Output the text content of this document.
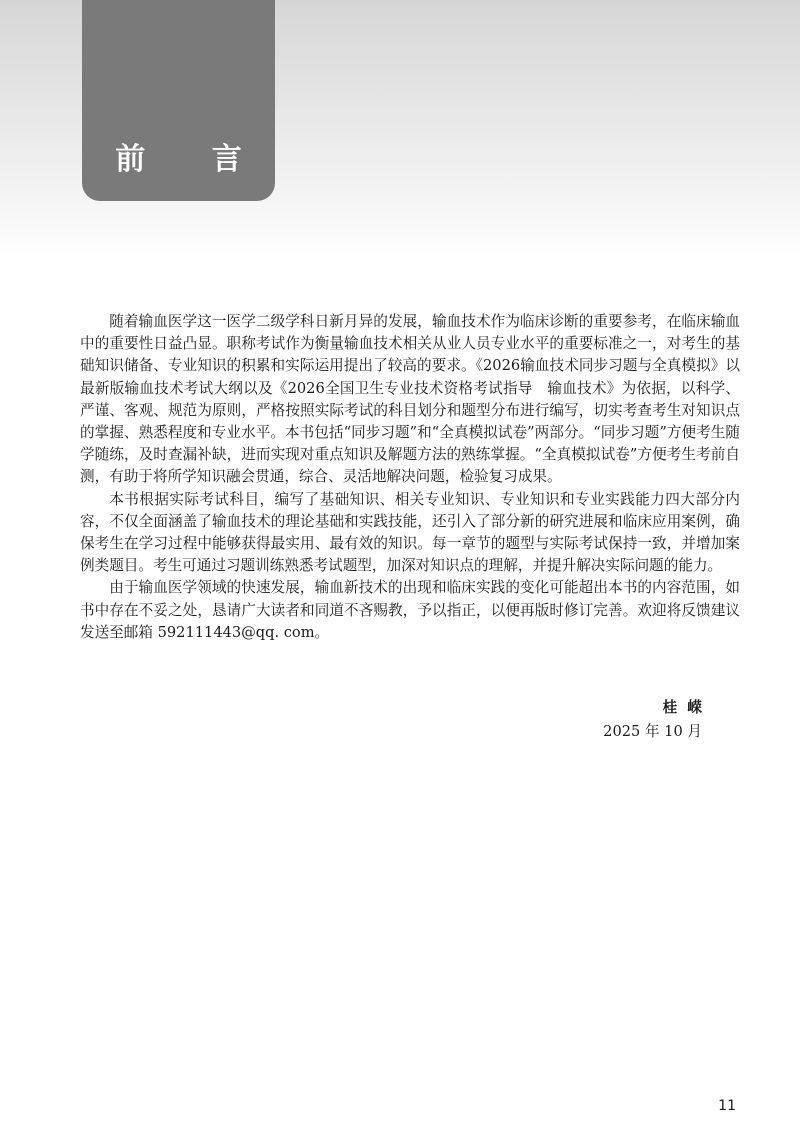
前 言

随着输血医学这一医学二级学科日新月异的发展，输血技术作为临床诊断的重要参考，在临床输血中的重要性日益凸显。职称考试作为衡量输血技术相关从业人员专业水平的重要标准之一，对考生的基础知识储备、专业知识的积累和实际运用提出了较高的要求。《2026输血技术同步习题与全真模拟》以最新版输血技术考试大纲以及《2026全国卫生专业技术资格考试指导　输血技术》为依据，以科学、严谨、客观、规范为原则，严格按照实际考试的科目划分和题型分布进行编写，切实考查考生对知识点的掌握、熟悉程度和专业水平。本书包括“同步习题”和“全真模拟试卷”两部分。“同步习题”方便考生随学随练，及时查漏补缺，进而实现对重点知识及解题方法的熟练掌握。“全真模拟试卷”方便考生考前自测，有助于将所学知识融会贯通，综合、灵活地解决问题，检验复习成果。

本书根据实际考试科目，编写了基础知识、相关专业知识、专业知识和专业实践能力四大部分内容，不仅全面涵盖了输血技术的理论基础和实践技能，还引入了部分新的研究进展和临床应用案例，确保考生在学习过程中能够获得最实用、最有效的知识。每一章节的题型与实际考试保持一致，并增加案例类题目。考生可通过习题训练熟悉考试题型，加深对知识点的理解，并提升解决实际问题的能力。

由于输血医学领域的快速发展，输血新技术的出现和临床实践的变化可能超出本书的内容范围，如书中存在不妥之处，恳请广大读者和同道不吝赐教，予以指正，以便再版时修订完善。欢迎将反馈建议发送至邮箱 592111443@qq. com。

桂嵘
2025 年 10 月
11
